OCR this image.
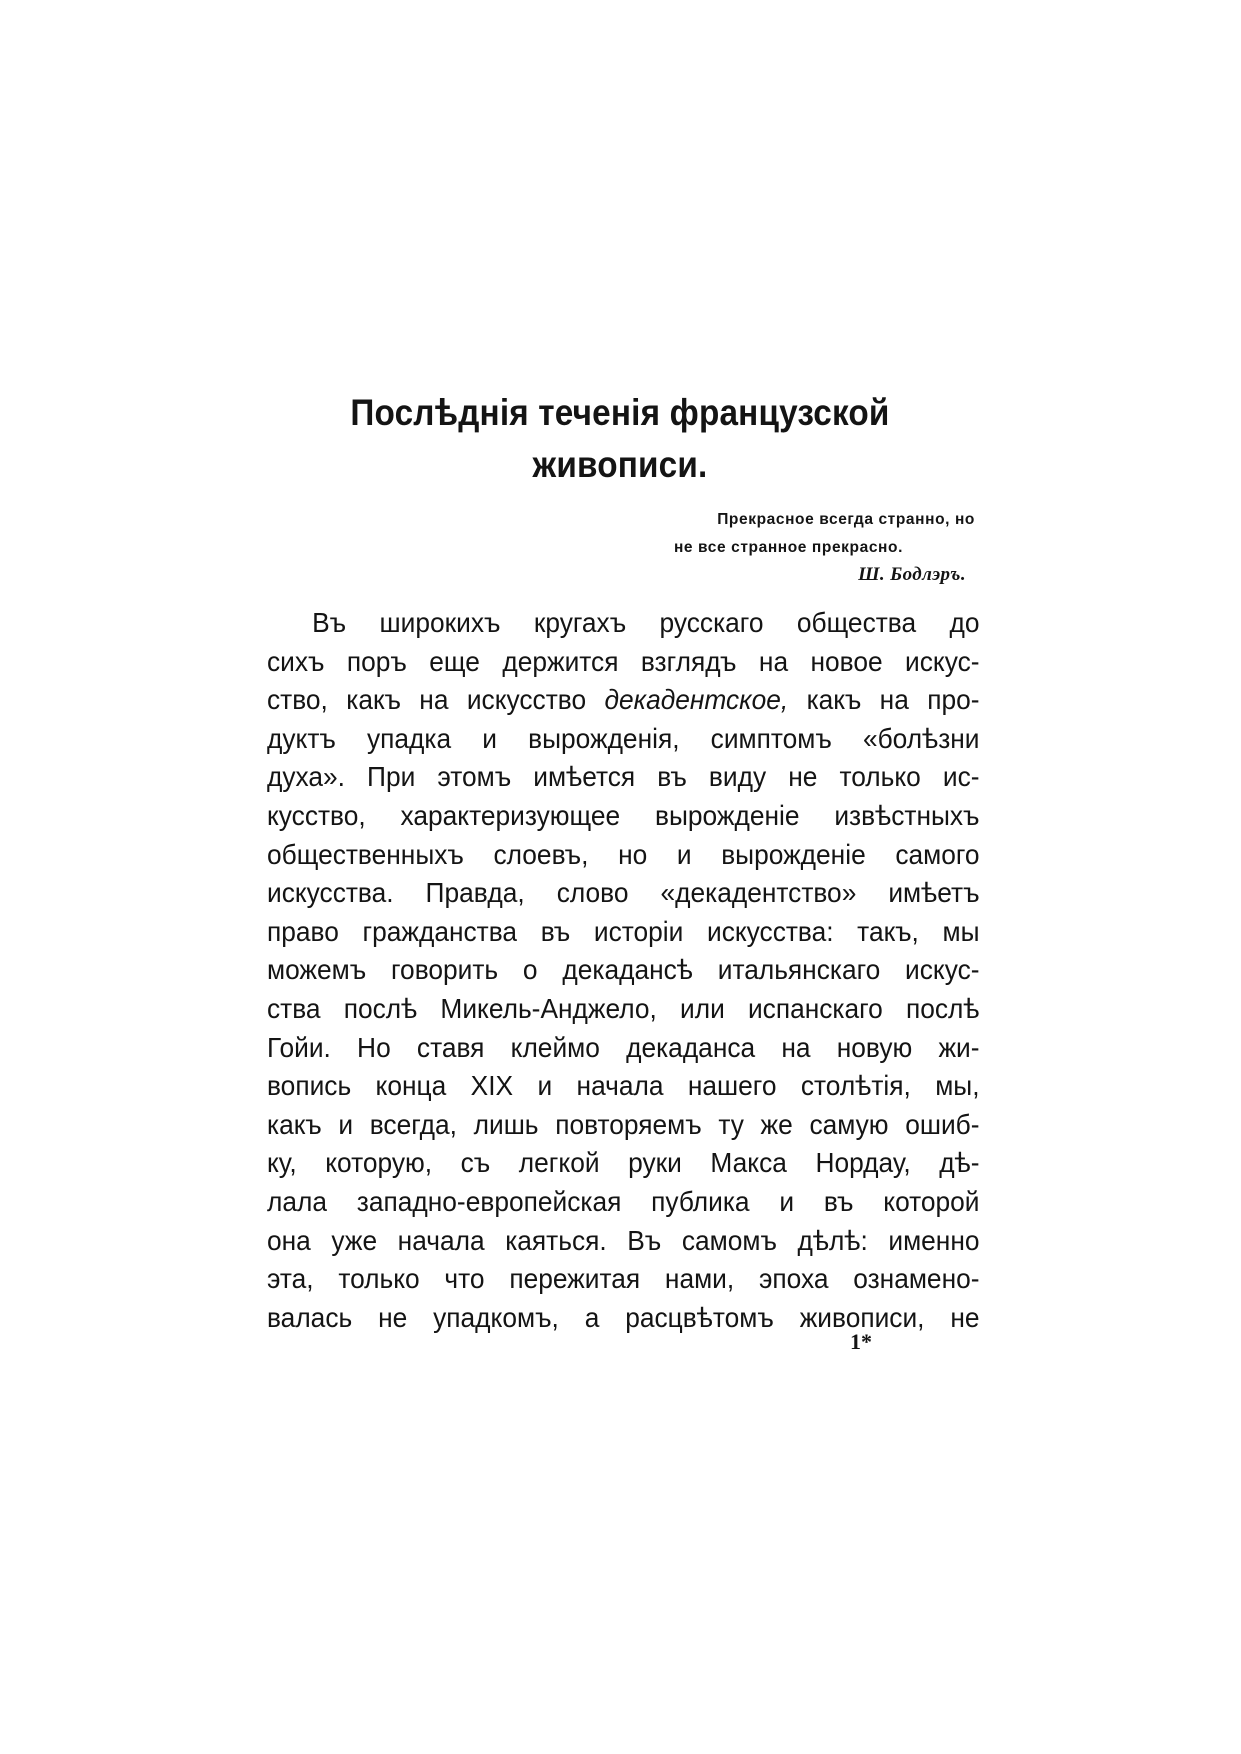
Послѣднія теченія французской
живописи.
Прекрасное всегда странно, но
не все странное прекрасно.
Ш. Бодлэръ.
Въ широкихъ кругахъ русскаго общества до
сихъ поръ еще держится взглядъ на новое искус-
ство, какъ на искусство декадентское, какъ на про-
дуктъ упадка и вырожденія, симптомъ «болѣзни
духа». При этомъ имѣется въ виду не только ис-
кусство, характеризующее вырожденіе извѣстныхъ
общественныхъ слоевъ, но и вырожденіе самого
искусства. Правда, слово «декадентство» имѣетъ
право гражданства въ исторіи искусства: такъ, мы
можемъ говорить о декадансѣ итальянскаго искус-
ства послѣ Микель-Анджело, или испанскаго послѣ
Гойи. Но ставя клеймо декаданса на новую жи-
вопись конца XIX и начала нашего столѣтія, мы,
какъ и всегда, лишь повторяемъ ту же самую ошиб-
ку, которую, съ легкой руки Макса Нордау, дѣ-
лала западно-европейская публика и въ которой
она уже начала каяться. Въ самомъ дѣлѣ: именно
эта, только что пережитая нами, эпоха ознамено-
валась не упадкомъ, а расцвѣтомъ живописи, не
1*
